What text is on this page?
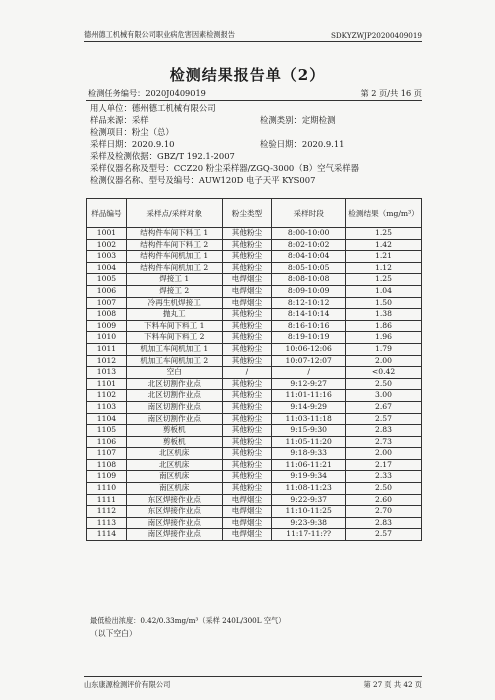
德州德工机械有限公司职业病危害因素检测报告	SDKYZWJP20200409019
检测结果报告单（2）
检测任务编号：2020J0409019	第 2 页/共 16 页
用人单位：德州德工机械有限公司
样品来源：采样	检测类别：定期检测
检测项目：粉尘（总）
采样日期：2020.9.10	检验日期：2020.9.11
采样及检测依据：GBZ/T 192.1-2007
采样仪器名称及型号：CCZ20 粉尘采样器/ZGQ-3000（B）空气采样器
检测仪器名称、型号及编号：AUW120D 电子天平 KYS007
样品编号	采样点/采样对象	粉尘类型	采样时段	检测结果（mg/m³）
1001	结构件车间下料工 1	其他粉尘	8:00-10:00	1.25
1002	结构件车间下料工 2	其他粉尘	8:02-10:02	1.42
1003	结构件车间机加工 1	其他粉尘	8:04-10:04	1.21
1004	结构件车间机加工 2	其他粉尘	8:05-10:05	1.12
1005	焊接工 1	电焊烟尘	8:08-10:08	1.25
1006	焊接工 2	电焊烟尘	8:09-10:09	1.04
1007	冷再生机焊接工	电焊烟尘	8:12-10:12	1.50
1008	抛丸工	其他粉尘	8:14-10:14	1.38
1009	下料车间下料工 1	其他粉尘	8:16-10:16	1.86
1010	下料车间下料工 2	其他粉尘	8:19-10:19	1.96
1011	机加工车间机加工 1	其他粉尘	10:06-12:06	1.79
1012	机加工车间机加工 2	其他粉尘	10:07-12:07	2.00
1013	空白	/	/	<0.42
1101	北区切割作业点	其他粉尘	9:12-9:27	2.50
1102	北区切割作业点	其他粉尘	11:01-11:16	3.00
1103	南区切割作业点	其他粉尘	9:14-9:29	2.67
1104	南区切割作业点	其他粉尘	11:03-11:18	2.57
1105	剪板机	其他粉尘	9:15-9:30	2.83
1106	剪板机	其他粉尘	11:05-11:20	2.73
1107	北区机床	其他粉尘	9:18-9:33	2.00
1108	北区机床	其他粉尘	11:06-11:21	2.17
1109	南区机床	其他粉尘	9:19-9:34	2.33
1110	南区机床	其他粉尘	11:08-11:23	2.50
1111	东区焊接作业点	电焊烟尘	9:22-9:37	2.60
1112	东区焊接作业点	电焊烟尘	11:10-11:25	2.70
1113	南区焊接作业点	电焊烟尘	9:23-9:38	2.83
1114	南区焊接作业点	电焊烟尘	11:17-11:??	2.57
最低检出浓度：0.42/0.33mg/m³（采样 240L/300L 空气）
（以下空白）
山东康源检测评价有限公司	第 27 页 共 42 页
